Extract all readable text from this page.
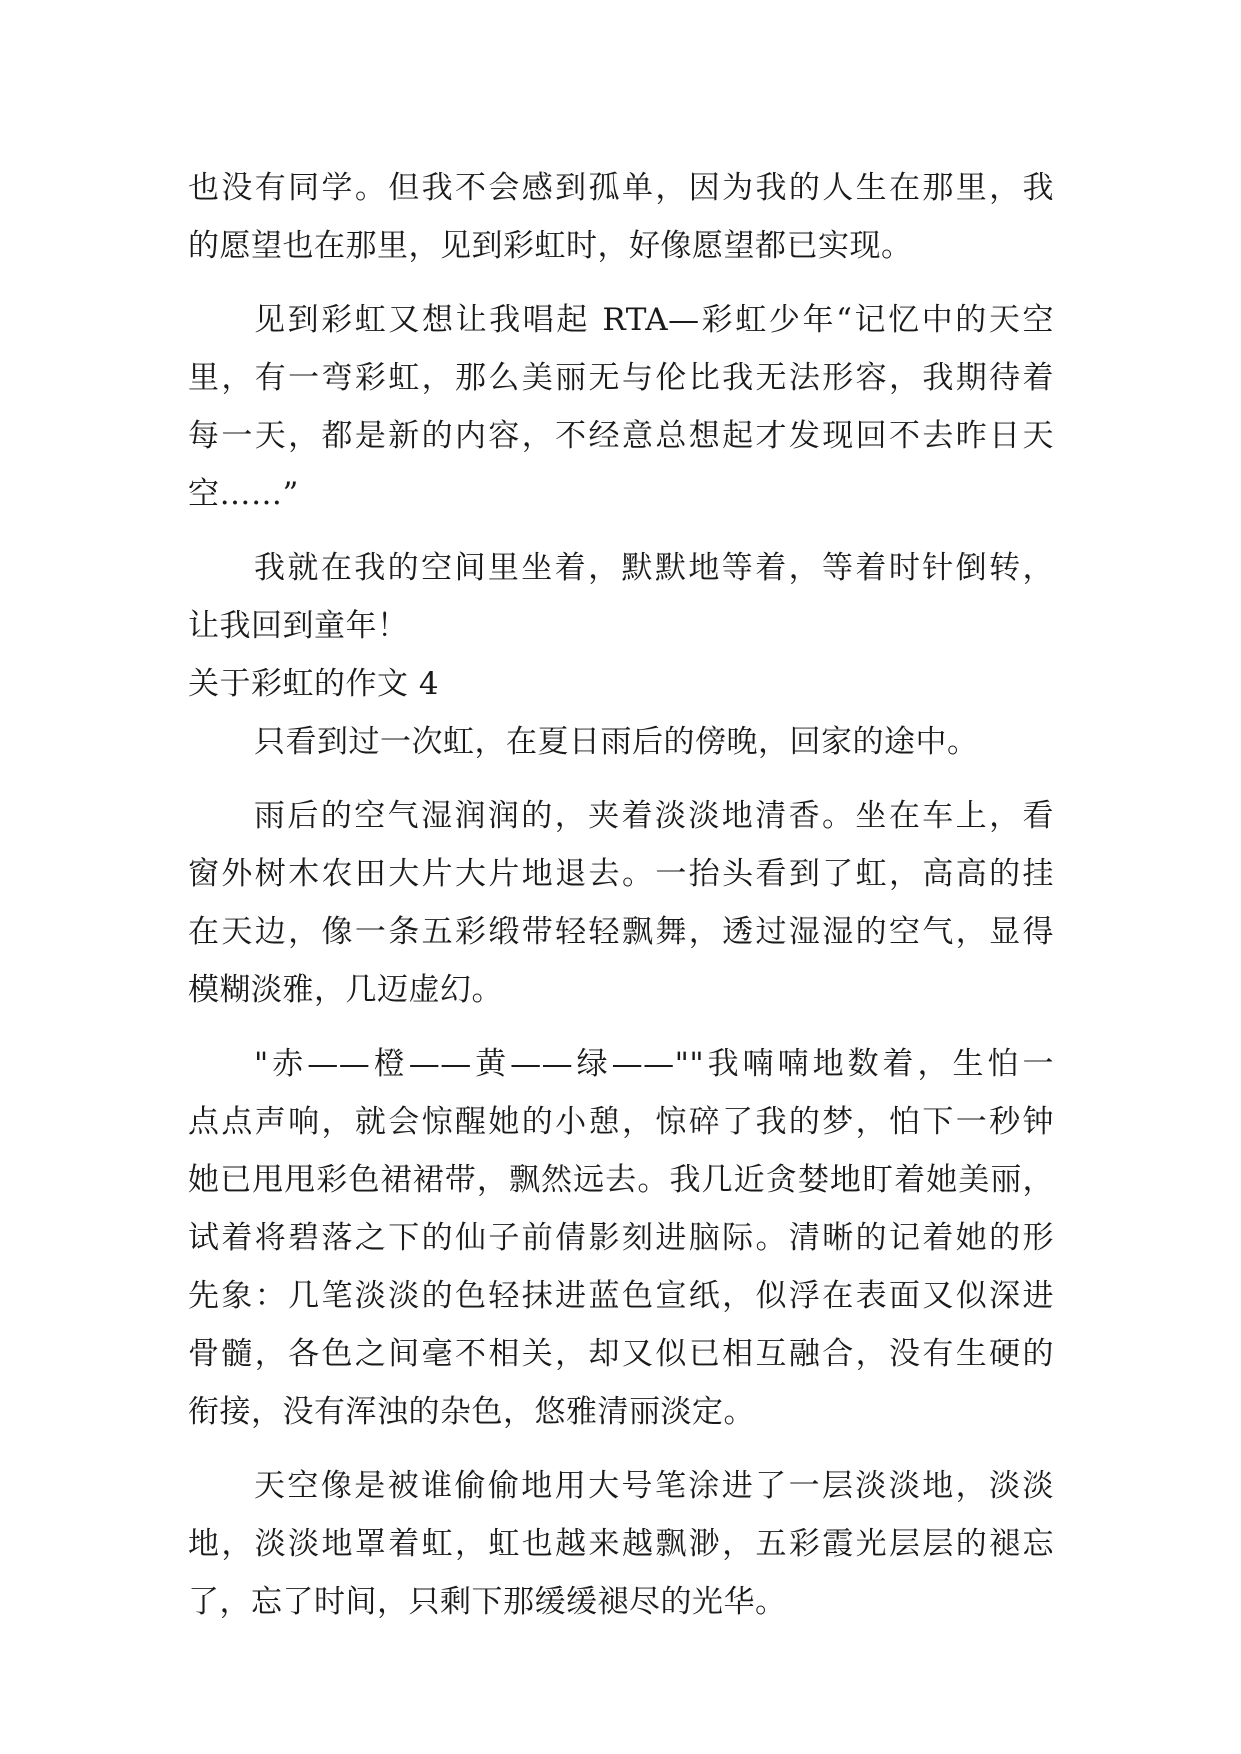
也没有同学。但我不会感到孤单，因为我的人生在那里，我
的愿望也在那里，见到彩虹时，好像愿望都已实现。
见到彩虹又想让我唱起 RTA—彩虹少年“记忆中的天空
里，有一弯彩虹，那么美丽无与伦比我无法形容，我期待着
每一天，都是新的内容，不经意总想起才发现回不去昨日天
空……”
我就在我的空间里坐着，默默地等着，等着时针倒转，
让我回到童年！
关于彩虹的作文 4
只看到过一次虹，在夏日雨后的傍晚，回家的途中。
雨后的空气湿润润的，夹着淡淡地清香。坐在车上，看
窗外树木农田大片大片地退去。一抬头看到了虹，高高的挂
在天边，像一条五彩缎带轻轻飘舞，透过湿湿的空气，显得
模糊淡雅，几迈虚幻。
"赤——橙——黄——绿——""我喃喃地数着，生怕一
点点声响，就会惊醒她的小憩，惊碎了我的梦，怕下一秒钟
她已甩甩彩色裙裙带，飘然远去。我几近贪婪地盯着她美丽，
试着将碧落之下的仙子前倩影刻进脑际。清晰的记着她的形
先象：几笔淡淡的色轻抹进蓝色宣纸，似浮在表面又似深进
骨髓，各色之间毫不相关，却又似已相互融合，没有生硬的
衔接，没有浑浊的杂色，悠雅清丽淡定。
天空像是被谁偷偷地用大号笔涂进了一层淡淡地，淡淡
地，淡淡地罩着虹，虹也越来越飘渺，五彩霞光层层的褪忘
了，忘了时间，只剩下那缓缓褪尽的光华。
